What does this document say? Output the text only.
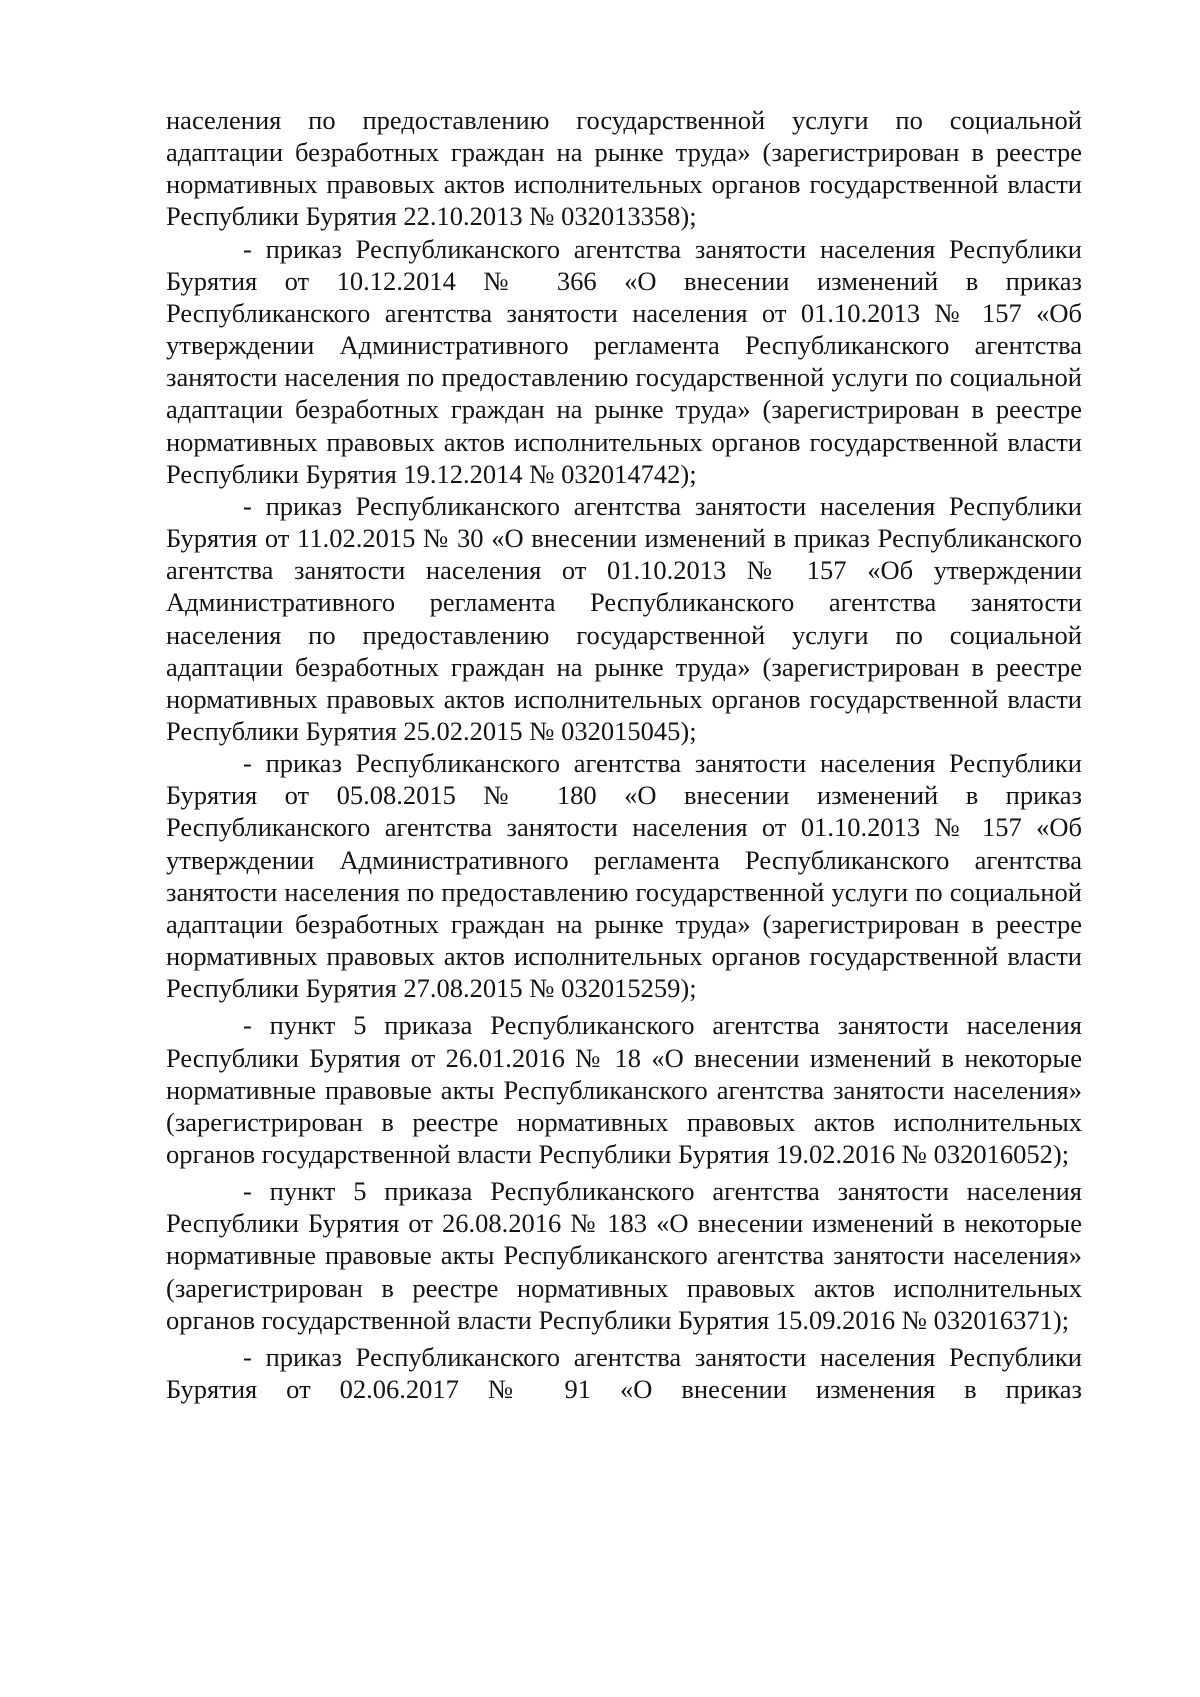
населения по предоставлению государственной услуги по социальной адаптации безработных граждан на рынке труда» (зарегистрирован в реестре нормативных правовых актов исполнительных органов государственной власти Республики Бурятия 22.10.2013 № 032013358);

- приказ Республиканского агентства занятости населения Республики Бурятия от 10.12.2014 № 366 «О внесении изменений в приказ Республиканского агентства занятости населения от 01.10.2013 № 157 «Об утверждении Административного регламента Республиканского агентства занятости населения по предоставлению государственной услуги по социальной адаптации безработных граждан на рынке труда» (зарегистрирован в реестре нормативных правовых актов исполнительных органов государственной власти Республики Бурятия 19.12.2014 № 032014742);

- приказ Республиканского агентства занятости населения Республики Бурятия от 11.02.2015 № 30 «О внесении изменений в приказ Республиканского агентства занятости населения от 01.10.2013 № 157 «Об утверждении Административного регламента Республиканского агентства занятости населения по предоставлению государственной услуги по социальной адаптации безработных граждан на рынке труда» (зарегистрирован в реестре нормативных правовых актов исполнительных органов государственной власти Республики Бурятия 25.02.2015 № 032015045);

- приказ Республиканского агентства занятости населения Республики Бурятия от 05.08.2015 № 180 «О внесении изменений в приказ Республиканского агентства занятости населения от 01.10.2013 № 157 «Об утверждении Административного регламента Республиканского агентства занятости населения по предоставлению государственной услуги по социальной адаптации безработных граждан на рынке труда» (зарегистрирован в реестре нормативных правовых актов исполнительных органов государственной власти Республики Бурятия 27.08.2015 № 032015259);

- пункт 5 приказа Республиканского агентства занятости населения Республики Бурятия от 26.01.2016 № 18 «О внесении изменений в некоторые нормативные правовые акты Республиканского агентства занятости населения» (зарегистрирован в реестре нормативных правовых актов исполнительных органов государственной власти Республики Бурятия 19.02.2016 № 032016052);

- пункт 5 приказа Республиканского агентства занятости населения Республики Бурятия от 26.08.2016 № 183 «О внесении изменений в некоторые нормативные правовые акты Республиканского агентства занятости населения» (зарегистрирован в реестре нормативных правовых актов исполнительных органов государственной власти Республики Бурятия 15.09.2016 № 032016371);

- приказ Республиканского агентства занятости населения Республики Бурятия от 02.06.2017 № 91 «О внесении изменения в приказ
